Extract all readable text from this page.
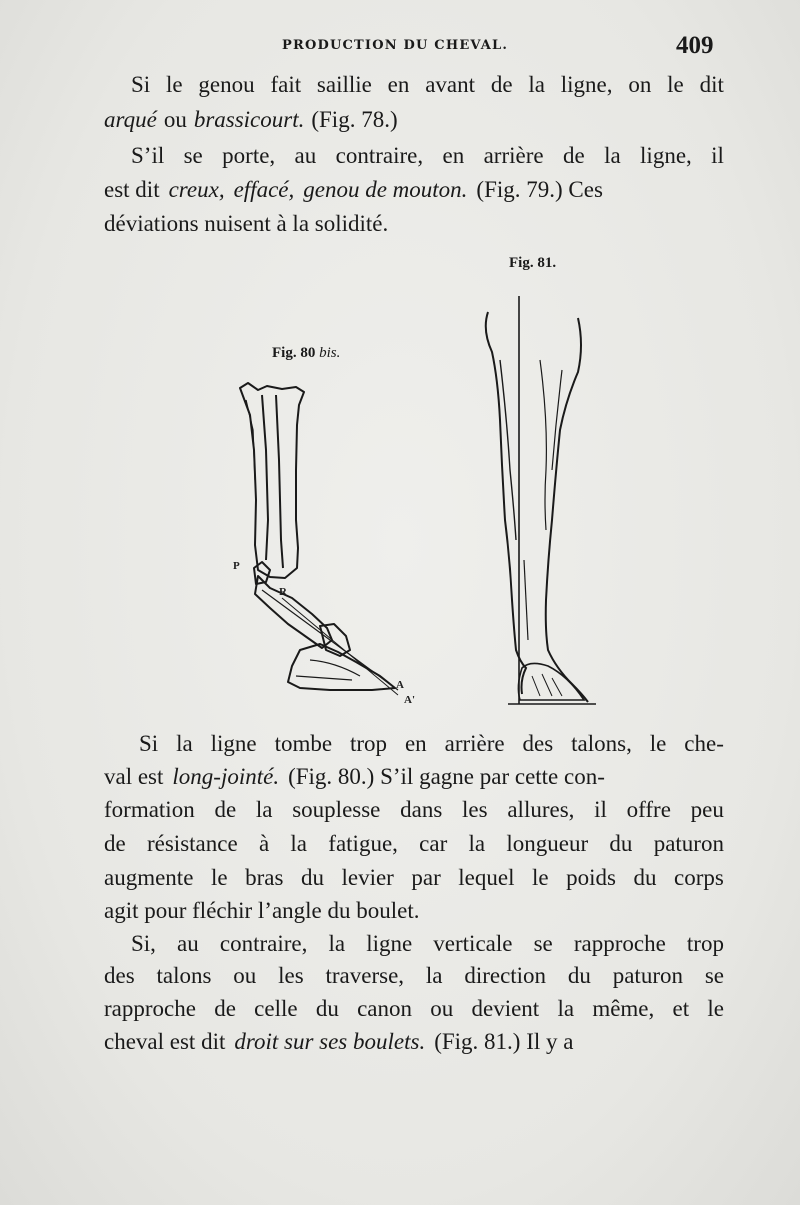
PRODUCTION DU CHEVAL.	409
Si le genou fait saillie en avant de la ligne, on le dit
arqué ou brassicourt. (Fig. 78.)
S’il se porte, au contraire, en arrière de la ligne, il
est dit creux, effacé, genou de mouton. (Fig. 79.) Ces
déviations nuisent à la solidité.
Fig. 81.
Fig. 80 bis.
P
R
A
A'
Si la ligne tombe trop en arrière des talons, le che-
val est long-jointé. (Fig. 80.) S’il gagne par cette con-
formation de la souplesse dans les allures, il offre peu
de résistance à la fatigue, car la longueur du paturon
augmente le bras du levier par lequel le poids du corps
agit pour fléchir l’angle du boulet.
Si, au contraire, la ligne verticale se rapproche trop
des talons ou les traverse, la direction du paturon se
rapproche de celle du canon ou devient la même, et le
cheval est dit droit sur ses boulets. (Fig. 81.) Il y a
